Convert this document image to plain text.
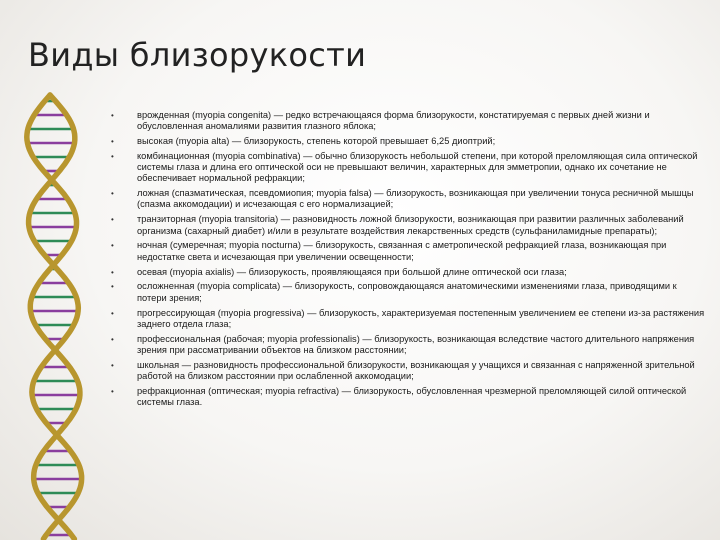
Виды близорукости
• врожденная (myopia congenita) — редко встречающаяся форма близорукости, констатируемая с первых дней жизни и обусловленная аномалиями развития глазного яблока;
• высокая (myopia alta) — близорукость, степень которой превышает 6,25 диоптрий;
• комбинационная (myopia combinativa) — обычно близорукость небольшой степени, при которой преломляющая сила оптической системы глаза и длина его оптической оси не превышают величин, характерных для эмметропии, однако их сочетание не обеспечивает нормальной рефракции;
• ложная (спазматическая, псевдомиопия; myopia falsa) — близорукость, возникающая при увеличении тонуса ресничной мышцы (спазма аккомодации) и исчезающая с его нормализацией;
• транзиторная (myopia transitoria) — разновидность ложной близорукости, возникающая при развитии различных заболеваний организма (сахарный диабет) и/или в результате воздействия лекарственных средств (сульфаниламидные препараты);
• ночная (сумеречная; myopia nocturna) — близорукость, связанная с аметропической рефракцией глаза, возникающая при недостатке света и исчезающая при увеличении освещенности;
• осевая (myopia axialis) — близорукость, проявляющаяся при большой длине оптической оси глаза;
• осложненная (myopia complicata) — близорукость, сопровождающаяся анатомическими изменениями глаза, приводящими к потери зрения;
• прогрессирующая (myopia progressiva) — близорукость, характеризуемая постепенным увеличением ее степени из-за растяжения заднего отдела глаза;
• профессиональная (рабочая; myopia professionalis) — близорукость, возникающая вследствие частого длительного напряжения зрения при рассматривании объектов на близком расстоянии;
• школьная — разновидность профессиональной близорукости, возникающая у учащихся и связанная с напряженной зрительной работой на близком расстоянии при ослабленной аккомодации;
• рефракционная (оптическая; myopia refractiva) — близорукость, обусловленная чрезмерной преломляющей силой оптической системы глаза.
